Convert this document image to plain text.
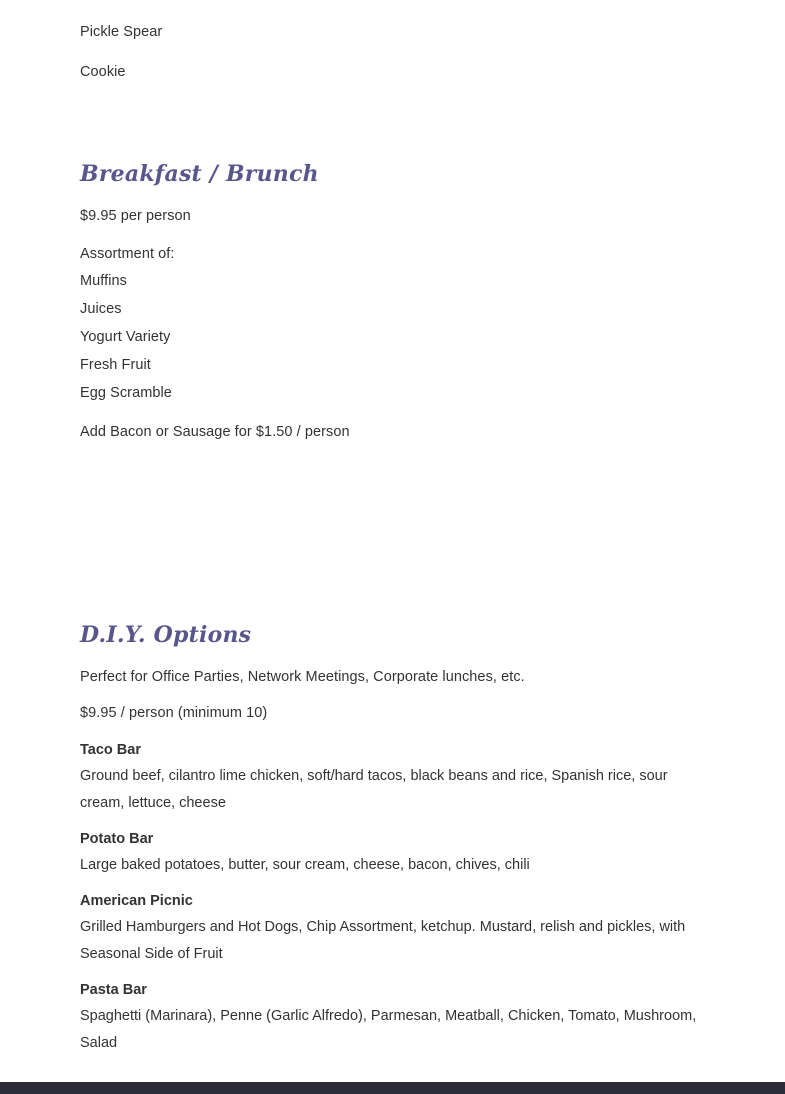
Pickle Spear

Cookie

Breakfast / Brunch

$9.95 per person

Assortment of:

Muffins

Juices

Yogurt Variety

Fresh Fruit

Egg Scramble

Add Bacon or Sausage for $1.50 / person

D.I.Y. Options

Perfect for Office Parties, Network Meetings, Corporate lunches, etc.

$9.95 / person (minimum 10)

Taco Bar

Ground beef, cilantro lime chicken, soft/hard tacos, black beans and rice, Spanish rice, sour cream, lettuce, cheese

Potato Bar

Large baked potatoes, butter, sour cream, cheese, bacon, chives, chili

American Picnic

Grilled Hamburgers and Hot Dogs, Chip Assortment, ketchup. Mustard, relish and pickles, with Seasonal Side of Fruit

Pasta Bar

Spaghetti (Marinara), Penne (Garlic Alfredo), Parmesan, Meatball, Chicken, Tomato, Mushroom, Salad
